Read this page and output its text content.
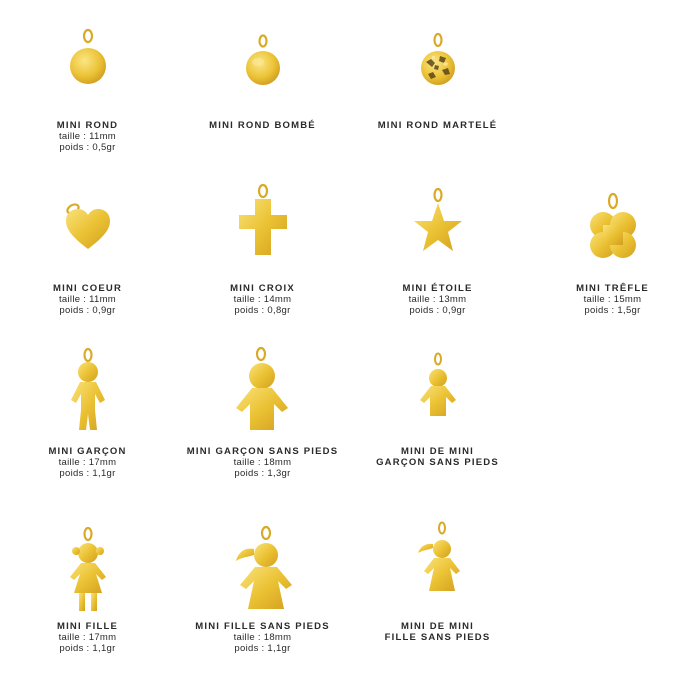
MINI ROND
taille : 11mm
poids : 0,5gr
MINI ROND BOMBÉ	MINI ROND MARTELÉ
MINI COEUR
taille : 11mm
poids : 0,9gr
MINI CROIX
taille : 14mm
poids : 0,8gr
MINI ÉTOILE
taille : 13mm
poids : 0,9gr
MINI TRÊFLE
taille : 15mm
poids : 1,5gr
MINI GARÇON
taille : 17mm
poids : 1,1gr
MINI GARÇON SANS PIEDS
taille : 18mm
poids : 1,3gr
MINI DE MINI
GARÇON SANS PIEDS
MINI FILLE
taille : 17mm
poids : 1,1gr
MINI FILLE SANS PIEDS
taille : 18mm
poids : 1,1gr
MINI DE MINI
FILLE SANS PIEDS
